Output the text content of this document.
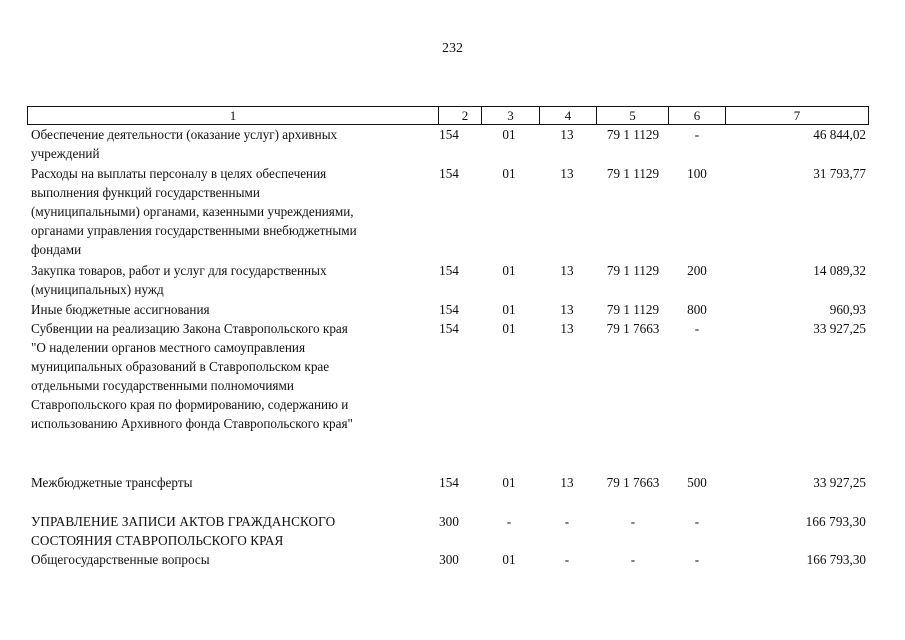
232
1	2	3	4	5	6	7
Обеспечение деятельности (оказание услуг) архивных
учреждений
154	01	13	79 1 1129	-	46 844,02
Расходы на выплаты персоналу в целях обеспечения
выполнения функций государственными
(муниципальными) органами, казенными учреждениями,
органами управления государственными внебюджетными
фондами
154	01	13	79 1 1129	100	31 793,77
Закупка товаров, работ и услуг для государственных
(муниципальных) нужд
154	01	13	79 1 1129	200	14 089,32
Иные бюджетные ассигнования	154	01	13	79 1 1129	800	960,93
Субвенции на реализацию Закона Ставропольского края
"О наделении органов местного самоуправления
муниципальных образований в Ставропольском крае
отдельными государственными полномочиями
Ставропольского края по формированию, содержанию и
использованию Архивного фонда Ставропольского края"
154	01	13	79 1 7663	-	33 927,25
Межбюджетные трансферты	154	01	13	79 1 7663	500	33 927,25
УПРАВЛЕНИЕ ЗАПИСИ АКТОВ ГРАЖДАНСКОГО
СОСТОЯНИЯ СТАВРОПОЛЬСКОГО КРАЯ
300	-	-	-	-	166 793,30
Общегосударственные вопросы	300	01	-	-	-	166 793,30
